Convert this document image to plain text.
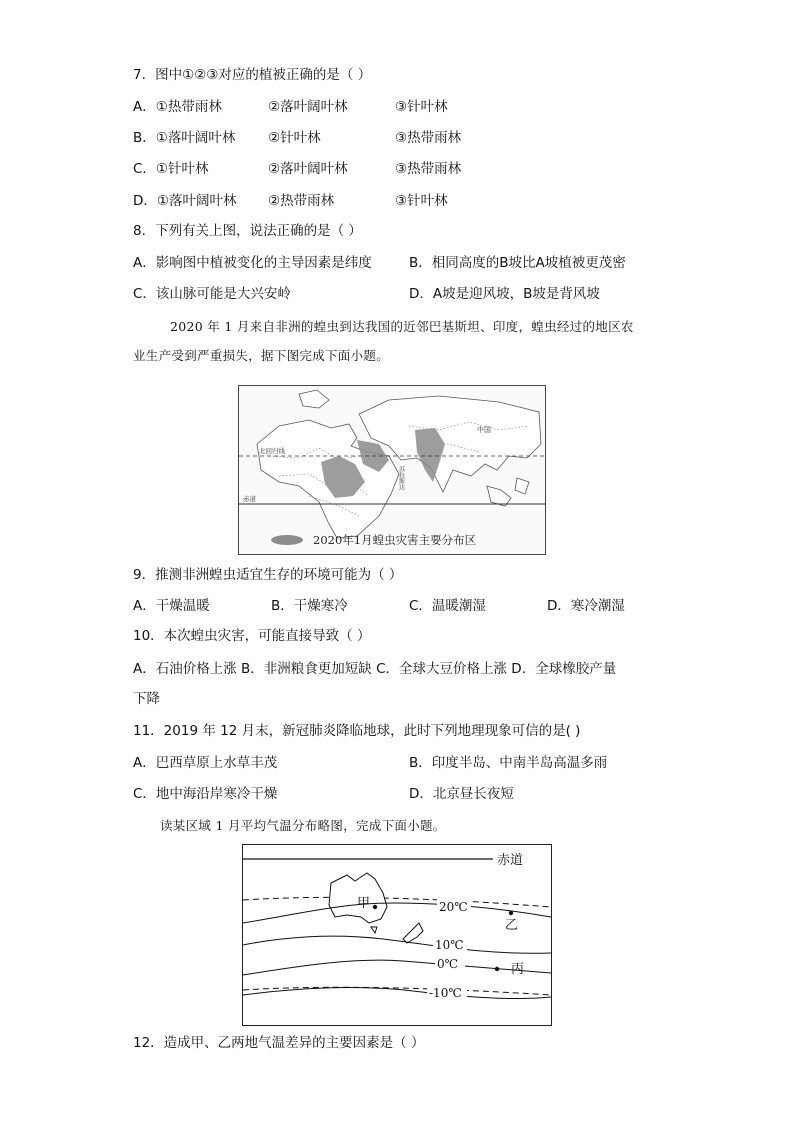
7．图中①②③对应的植被正确的是（ ）
A．①热带雨林	②落叶阔叶林	③针叶林
B．①落叶阔叶林 ②针叶林	③热带雨林
C．①针叶林	②落叶阔叶林	③热带雨林
D．①落叶阔叶林 ②热带雨林	③针叶林
8．下列有关上图，说法正确的是（ ）
A．影响图中植被变化的主导因素是纬度	B．相同高度的B坡比A坡植被更茂密
C．该山脉可能是大兴安岭	D．A坡是迎风坡，B坡是背风坡
2020 年 1 月来自非洲的蝗虫到达我国的近邻巴基斯坦、印度，蝗虫经过的地区农
业生产受到严重损失，据下图完成下面小题。
中国
北回归线
赤道
苏拉斯达
2020年1月蝗虫灾害主要分布区
9．推测非洲蝗虫适宜生存的环境可能为（ ）
A．干燥温暖	B．干燥寒冷	C．温暖潮湿	D．寒冷潮湿
10．本次蝗虫灾害，可能直接导致（ ）
A．石油价格上涨 B．非洲粮食更加短缺 C．全球大豆价格上涨 D．全球橡胶产量
下降
11．2019 年 12 月末，新冠肺炎降临地球，此时下列地理现象可信的是( )
A．巴西草原上水草丰茂	B．印度半岛、中南半岛高温多雨
C．地中海沿岸寒冷干燥	D．北京昼长夜短
读某区域 1 月平均气温分布略图，完成下面小题。
赤道
20℃
10℃
0℃
-10℃
甲
乙
丙
12．造成甲、乙两地气温差异的主要因素是（ ）
